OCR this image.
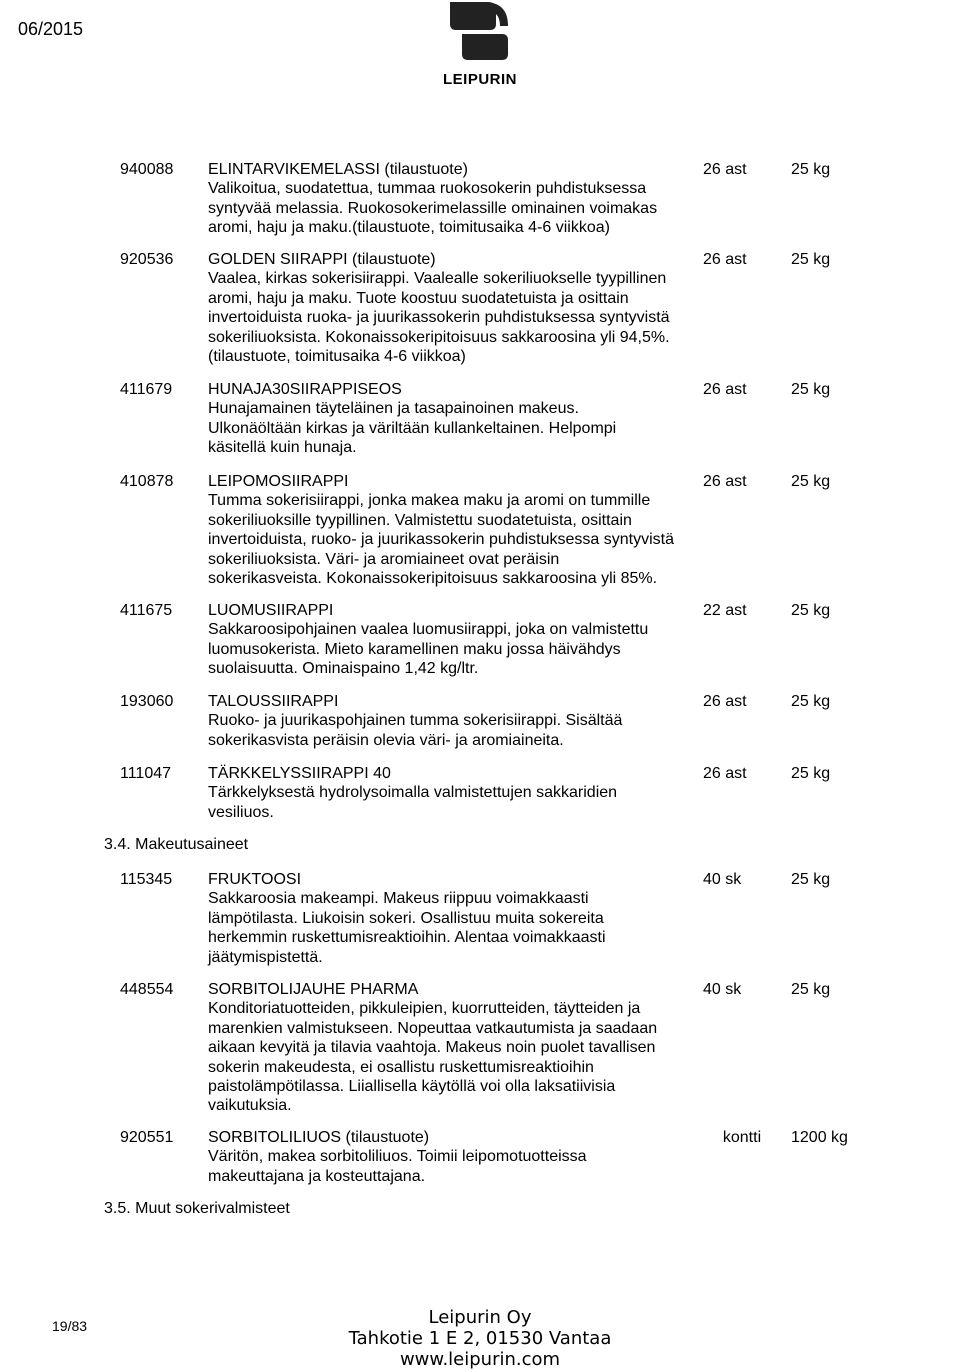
06/2015
LEIPURIN
940088 ELINTARVIKEMELASSI (tilaustuote)	26 ast	25 kg
Valikoitua, suodatettua, tummaa ruokosokerin puhdistuksessa
syntyvää melassia. Ruokosokerimelassille ominainen voimakas
aromi, haju ja maku.(tilaustuote, toimitusaika 4-6 viikkoa)
920536 GOLDEN SIIRAPPI (tilaustuote)	26 ast	25 kg
Vaalea, kirkas sokerisiirappi. Vaalealle sokeriliuokselle tyypillinen
aromi, haju ja maku. Tuote koostuu suodatetuista ja osittain
invertoiduista ruoka- ja juurikassokerin puhdistuksessa syntyvistä
sokeriliuoksista. Kokonaissokeripitoisuus sakkaroosina yli 94,5%.
(tilaustuote, toimitusaika 4-6 viikkoa)
411679 HUNAJA30SIIRAPPISEOS	26 ast	25 kg
Hunajamainen täyteläinen ja tasapainoinen makeus.
Ulkonäöltään kirkas ja väriltään kullankeltainen. Helpompi
käsitellä kuin hunaja.
410878 LEIPOMOSIIRAPPI	26 ast	25 kg
Tumma sokerisiirappi, jonka makea maku ja aromi on tummille
sokeriliuoksille tyypillinen. Valmistettu suodatetuista, osittain
invertoiduista, ruoko- ja juurikassokerin puhdistuksessa syntyvistä
sokeriliuoksista. Väri- ja aromiaineet ovat peräisin
sokerikasveista. Kokonaissokeripitoisuus sakkaroosina yli 85%.
411675 LUOMUSIIRAPPI	22 ast	25 kg
Sakkaroosipohjainen vaalea luomusiirappi, joka on valmistettu
luomusokerista. Mieto karamellinen maku jossa häivähdys
suolaisuutta. Ominaispaino 1,42 kg/ltr.
193060 TALOUSSIIRAPPI	26 ast	25 kg
Ruoko- ja juurikaspohjainen tumma sokerisiirappi. Sisältää
sokerikasvista peräisin olevia väri- ja aromiaineita.
111047 TÄRKKELYSSIIRAPPI 40	26 ast	25 kg
Tärkkelyksestä hydrolysoimalla valmistettujen sakkaridien
vesiliuos.
115345 FRUKTOOSI	40 sk	25 kg
Sakkaroosia makeampi. Makeus riippuu voimakkaasti
lämpötilasta. Liukoisin sokeri. Osallistuu muita sokereita
herkemmin ruskettumisreaktioihin. Alentaa voimakkaasti
jäätymispistettä.
448554 SORBITOLIJAUHE PHARMA	40 sk	25 kg
Konditoriatuotteiden, pikkuleipien, kuorrutteiden, täytteiden ja
marenkien valmistukseen. Nopeuttaa vatkautumista ja saadaan
aikaan kevyitä ja tilavia vaahtoja. Makeus noin puolet tavallisen
sokerin makeudesta, ei osallistu ruskettumisreaktioihin
paistolämpötilassa. Liiallisella käytöllä voi olla laksatiivisia
vaikutuksia.
920551 SORBITOLILIUOS (tilaustuote)	kontti	1200 kg
Väritön, makea sorbitoliliuos. Toimii leipomotuotteissa
makeuttajana ja kosteuttajana.
3.4. Makeutusaineet
3.5. Muut sokerivalmisteet
19/83	Leipurin Oy
Tahkotie 1 E 2, 01530 Vantaa
www.leipurin.com
